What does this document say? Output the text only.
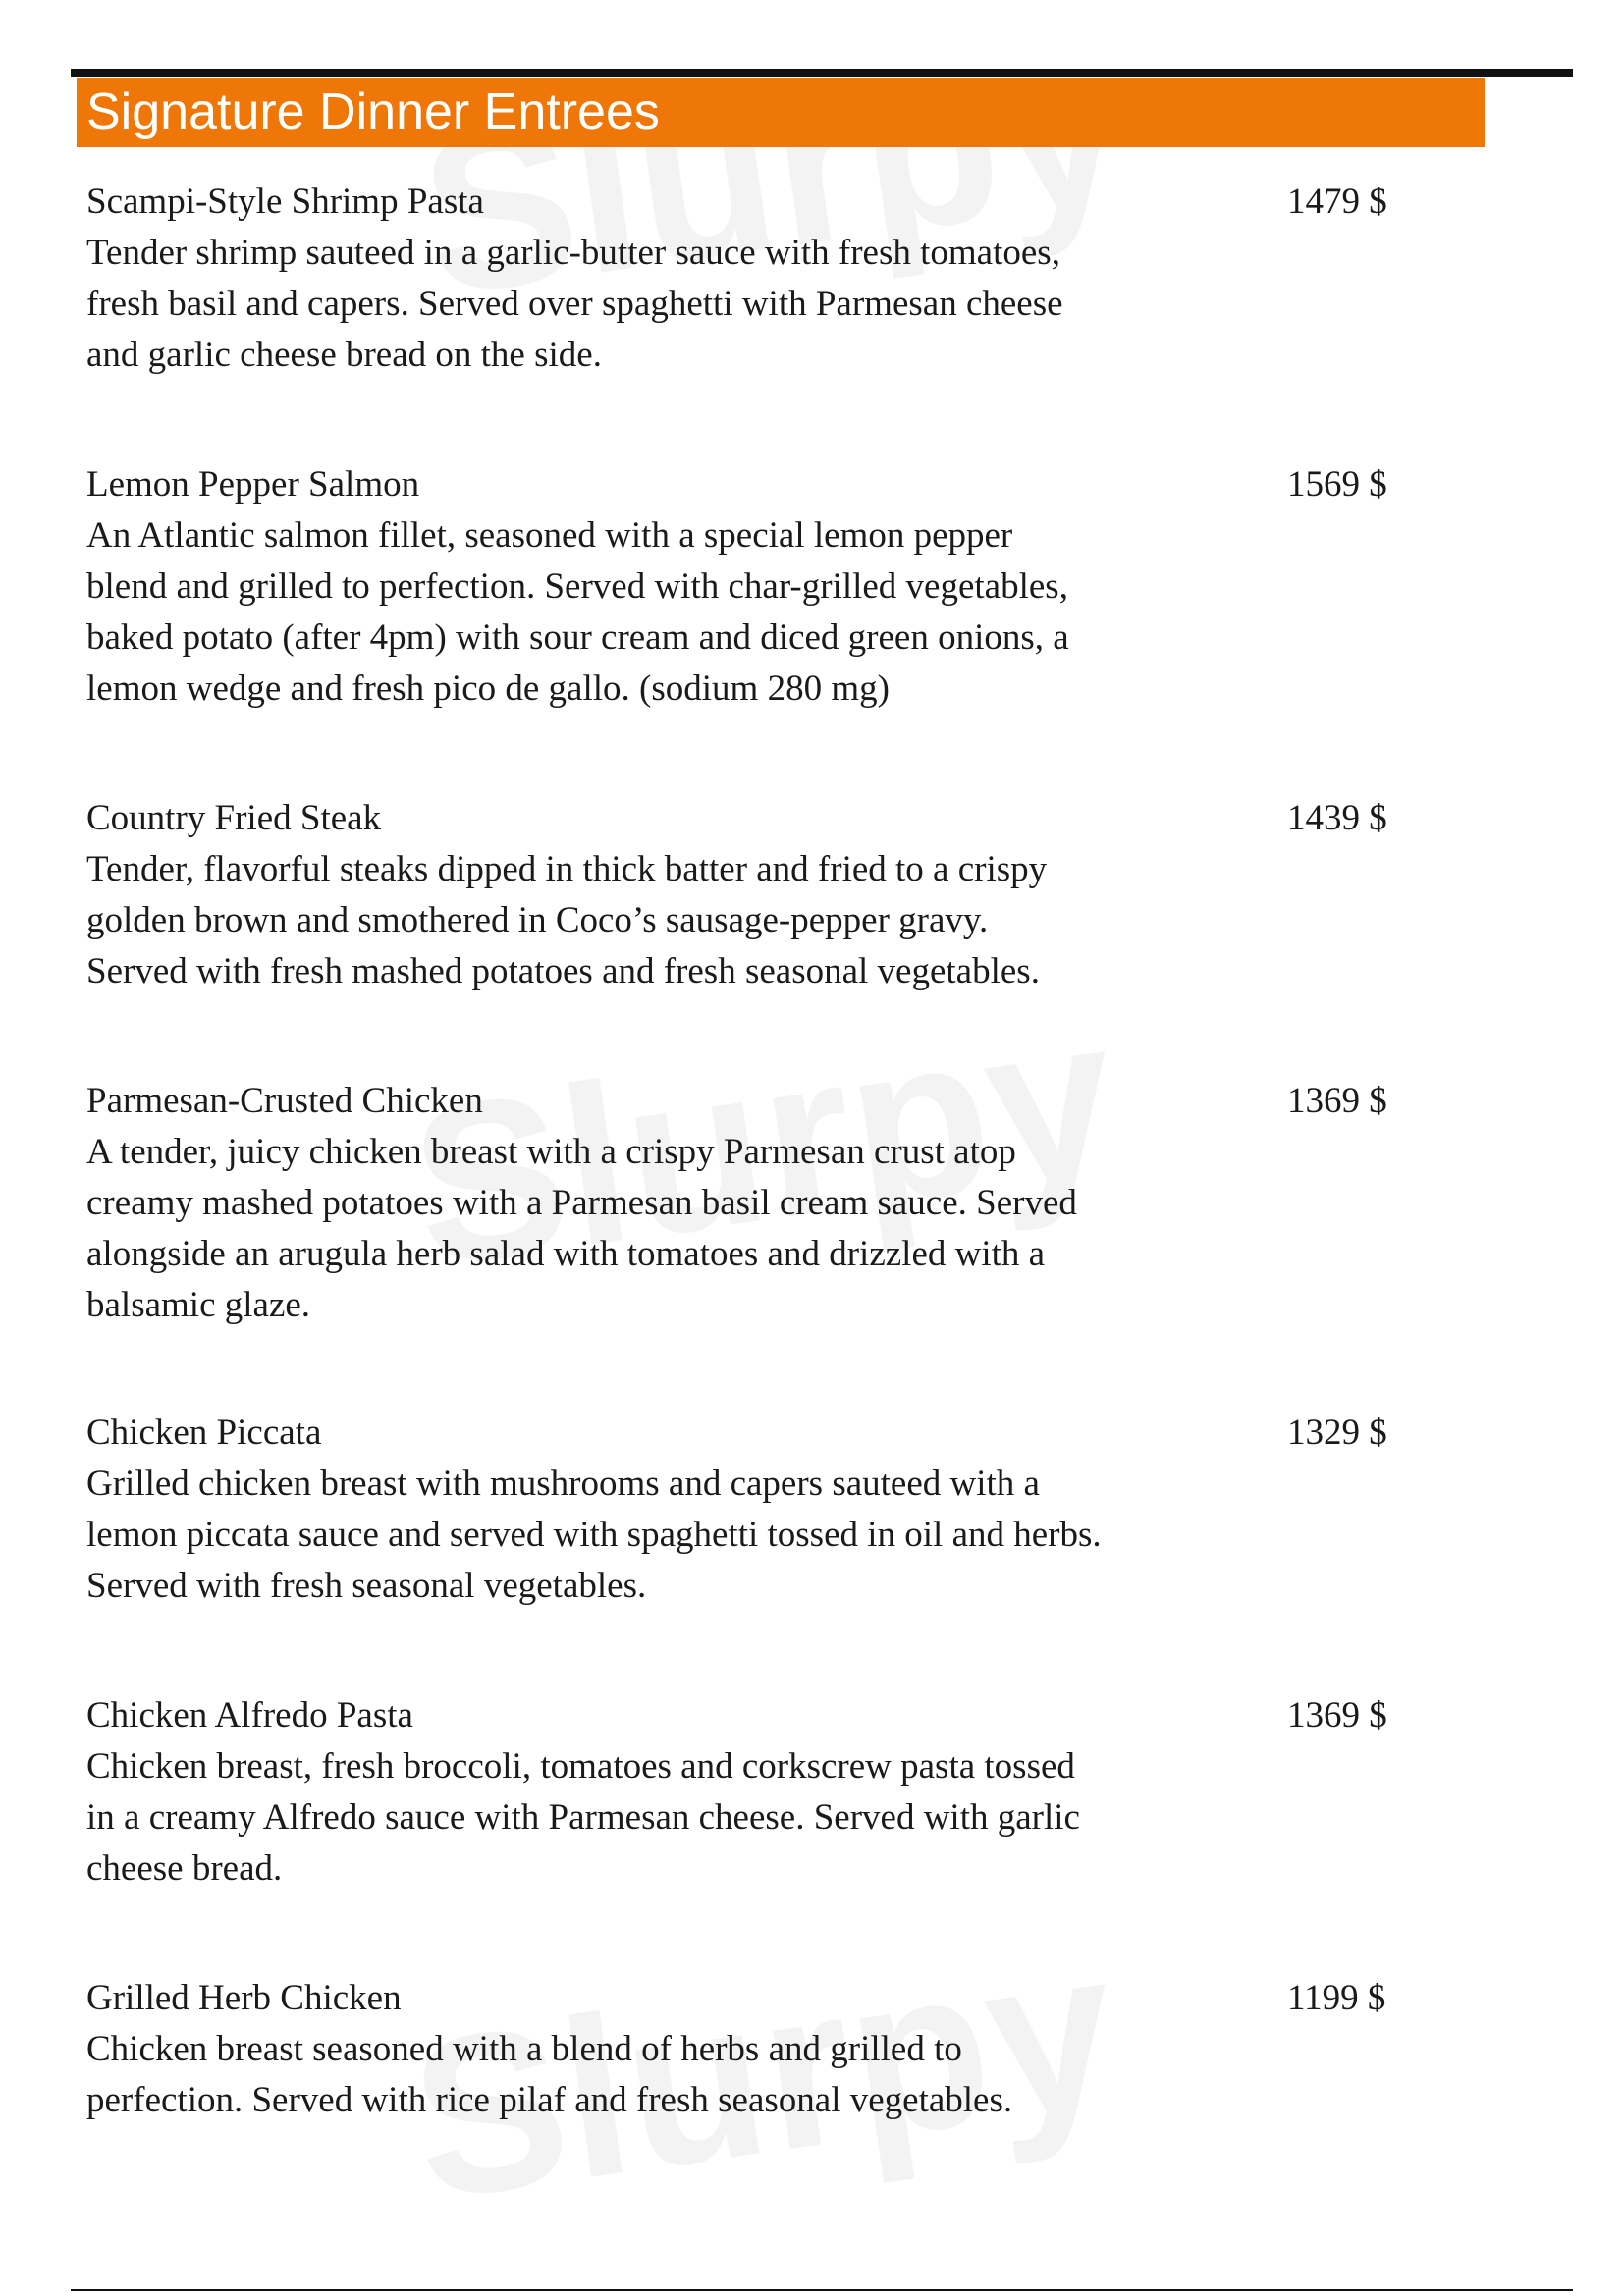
Signature Dinner Entrees
Scampi-Style Shrimp Pasta
Tender shrimp sauteed in a garlic-butter sauce with fresh tomatoes,
fresh basil and capers. Served over spaghetti with Parmesan cheese
and garlic cheese bread on the side.
1479 $
Lemon Pepper Salmon
An Atlantic salmon fillet, seasoned with a special lemon pepper
blend and grilled to perfection. Served with char-grilled vegetables,
baked potato (after 4pm) with sour cream and diced green onions, a
lemon wedge and fresh pico de gallo. (sodium 280 mg)
1569 $
Country Fried Steak
Tender, flavorful steaks dipped in thick batter and fried to a crispy
golden brown and smothered in Coco’s sausage-pepper gravy.
Served with fresh mashed potatoes and fresh seasonal vegetables.
1439 $
Parmesan-Crusted Chicken
A tender, juicy chicken breast with a crispy Parmesan crust atop
creamy mashed potatoes with a Parmesan basil cream sauce. Served
alongside an arugula herb salad with tomatoes and drizzled with a
balsamic glaze.
1369 $
Chicken Piccata
Grilled chicken breast with mushrooms and capers sauteed with a
lemon piccata sauce and served with spaghetti tossed in oil and herbs.
Served with fresh seasonal vegetables.
1329 $
Chicken Alfredo Pasta
Chicken breast, fresh broccoli, tomatoes and corkscrew pasta tossed
in a creamy Alfredo sauce with Parmesan cheese. Served with garlic
cheese bread.
1369 $
Grilled Herb Chicken
Chicken breast seasoned with a blend of herbs and grilled to
perfection. Served with rice pilaf and fresh seasonal vegetables.
1199 $
